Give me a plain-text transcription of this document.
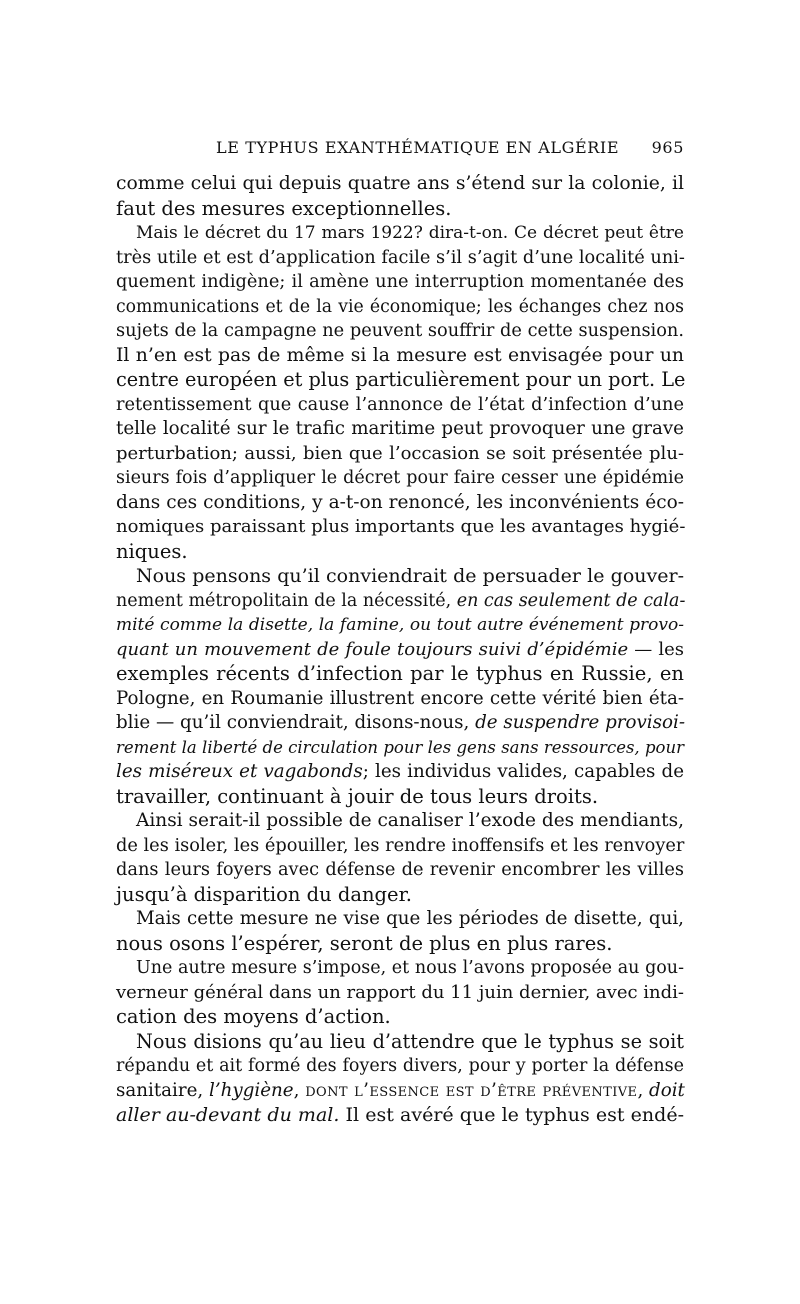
LE TYPHUS EXANTHÉMATIQUE EN ALGÉRIE 965
comme celui qui depuis quatre ans s’étend sur la colonie, il
faut des mesures exceptionnelles.
Mais le décret du 17 mars 1922? dira-t-on. Ce décret peut être
très utile et est d’application facile s’il s’agit d’une localité uni-
quement indigène; il amène une interruption momentanée des
communications et de la vie économique; les échanges chez nos
sujets de la campagne ne peuvent souffrir de cette suspension.
Il n’en est pas de même si la mesure est envisagée pour un
centre européen et plus particulièrement pour un port. Le
retentissement que cause l’annonce de l’état d’infection d’une
telle localité sur le trafic maritime peut provoquer une grave
perturbation; aussi, bien que l’occasion se soit présentée plu-
sieurs fois d’appliquer le décret pour faire cesser une épidémie
dans ces conditions, y a-t-on renoncé, les inconvénients éco-
nomiques paraissant plus importants que les avantages hygié-
niques.
Nous pensons qu’il conviendrait de persuader le gouver-
nement métropolitain de la nécessité, en cas seulement de cala-
mité comme la disette, la famine, ou tout autre événement provo-
quant un mouvement de foule toujours suivi d’épidémie — les
exemples récents d’infection par le typhus en Russie, en
Pologne, en Roumanie illustrent encore cette vérité bien éta-
blie — qu’il conviendrait, disons-nous, de suspendre provisoi-
rement la liberté de circulation pour les gens sans ressources, pour
les miséreux et vagabonds; les individus valides, capables de
travailler, continuant à jouir de tous leurs droits.
Ainsi serait-il possible de canaliser l’exode des mendiants,
de les isoler, les épouiller, les rendre inoffensifs et les renvoyer
dans leurs foyers avec défense de revenir encombrer les villes
jusqu’à disparition du danger.
Mais cette mesure ne vise que les périodes de disette, qui,
nous osons l’espérer, seront de plus en plus rares.
Une autre mesure s’impose, et nous l’avons proposée au gou-
verneur général dans un rapport du 11 juin dernier, avec indi-
cation des moyens d’action.
Nous disions qu’au lieu d’attendre que le typhus se soit
répandu et ait formé des foyers divers, pour y porter la défense
sanitaire, l’hygiène, dont l’essence est d’être préventive, doit
aller au-devant du mal. Il est avéré que le typhus est endé-
